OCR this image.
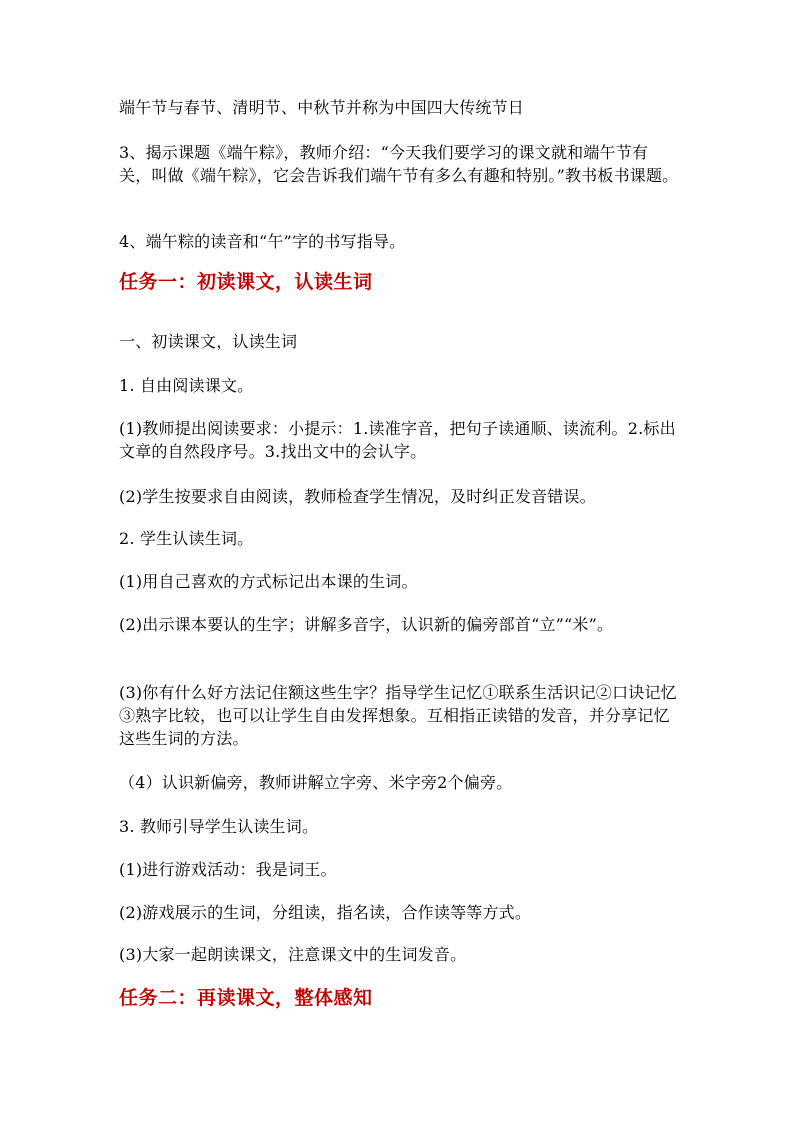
端午节与春节、清明节、中秋节并称为中国四大传统节日

3、揭示课题《端午粽》，教师介绍：“今天我们要学习的课文就和端午节有关，叫做《端午粽》，它会告诉我们端午节有多么有趣和特别。”教书板书课题。

4、端午粽的读音和“午”字的书写指导。

任务一：初读课文，认读生词

一、初读课文，认读生词

1. 自由阅读课文。

(1)教师提出阅读要求：小提示：1.读准字音，把句子读通顺、读流利。2.标出文章的自然段序号。3.找出文中的会认字。

(2)学生按要求自由阅读，教师检查学生情况，及时纠正发音错误。

2. 学生认读生词。

(1)用自己喜欢的方式标记出本课的生词。

(2)出示课本要认的生字；讲解多音字，认识新的偏旁部首“立”“米”。

(3)你有什么好方法记住额这些生字？指导学生记忆①联系生活识记②口诀记忆③熟字比较，也可以让学生自由发挥想象。互相指正读错的发音，并分享记忆这些生词的方法。

（4）认识新偏旁，教师讲解立字旁、米字旁2个偏旁。

3. 教师引导学生认读生词。

(1)进行游戏活动：我是词王。

(2)游戏展示的生词，分组读，指名读，合作读等等方式。

(3)大家一起朗读课文，注意课文中的生词发音。

任务二：再读课文，整体感知
